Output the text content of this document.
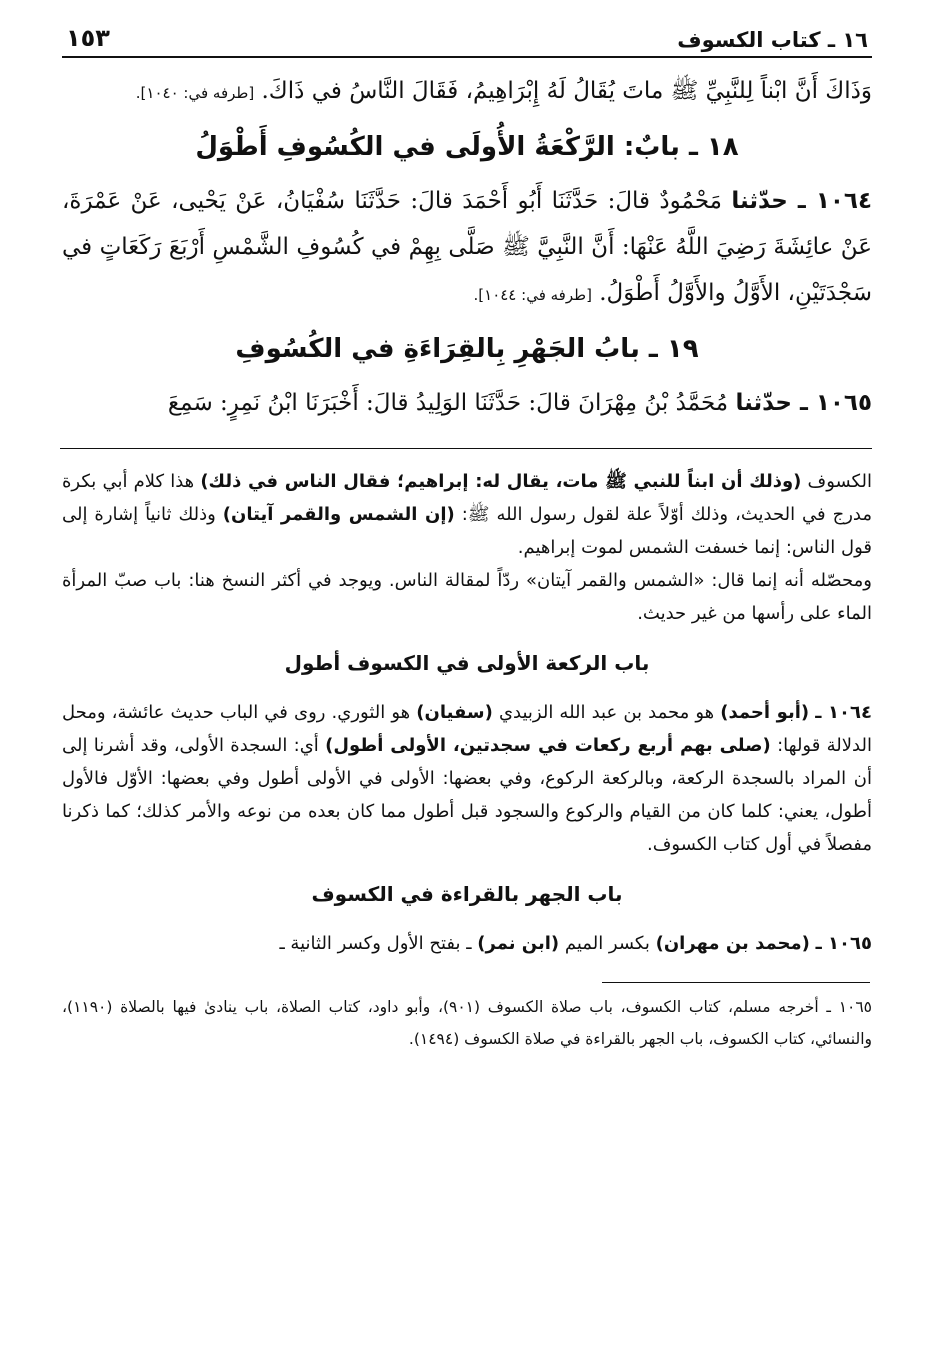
١٦ ـ كتاب الكسوف
١٥٣

وَذَاكَ أَنَّ ابْناً لِلنَّبِيِّ ﷺ ماتَ يُقَالُ لَهُ إِبْرَاهِيمُ، فَقَالَ النَّاسُ في ذَاكَ. [طرفه في: ١٠٤٠].

١٨ ـ بابٌ: الرَّكْعَةُ الأُولَى في الكُسُوفِ أَطْوَلُ

١٠٦٤ ـ حدّثنا مَحْمُودٌ قالَ: حَدَّثَنَا أَبُو أَحْمَدَ قالَ: حَدَّثَنَا سُفْيَانُ، عَنْ يَحْيى، عَنْ عَمْرَةَ، عَنْ عائِشَةَ رَضِيَ اللَّهُ عَنْهَا: أَنَّ النَّبِيَّ ﷺ صَلَّى بِهِمْ في كُسُوفِ الشَّمْسِ أَرْبَعَ رَكَعَاتٍ في سَجْدَتَيْنِ، الأَوَّلُ والأَوَّلُ أَطْوَلُ. [طرفه في: ١٠٤٤].

١٩ ـ بابُ الجَهْرِ بِالقِرَاءَةِ في الكُسُوفِ

١٠٦٥ ـ حدّثنا مُحَمَّدُ بْنُ مِهْرَانَ قالَ: حَدَّثَنَا الوَلِيدُ قالَ: أَخْبَرَنَا ابْنُ نَمِرٍ: سَمِعَ

الكسوف (وذلك أن ابناً للنبي ﷺ مات، يقال له: إبراهيم؛ فقال الناس في ذلك) هذا كلام أبي بكرة مدرج في الحديث، وذلك أوّلاً علة لقول رسول الله ﷺ: (إن الشمس والقمر آيتان) وذلك ثانياً إشارة إلى قول الناس: إنما خسفت الشمس لموت إبراهيم.

ومحصّله أنه إنما قال: «الشمس والقمر آيتان» ردّاً لمقالة الناس. ويوجد في أكثر النسخ هنا: باب صبّ المرأة الماء على رأسها من غير حديث.

باب الركعة الأولى في الكسوف أطول

١٠٦٤ ـ (أبو أحمد) هو محمد بن عبد الله الزبيدي (سفيان) هو الثوري. روى في الباب حديث عائشة، ومحل الدلالة قولها: (صلى بهم أربع ركعات في سجدتين، الأولى أطول) أي: السجدة الأولى، وقد أشرنا إلى أن المراد بالسجدة الركعة، وبالركعة الركوع، وفي بعضها: الأولى في الأولى أطول وفي بعضها: الأوّل فالأول أطول، يعني: كلما كان من القيام والركوع والسجود قبل أطول مما كان بعده من نوعه والأمر كذلك؛ كما ذكرنا مفصلاً في أول كتاب الكسوف.

باب الجهر بالقراءة في الكسوف

١٠٦٥ ـ (محمد بن مهران) بكسر الميم (ابن نمر) ـ بفتح الأول وكسر الثانية ـ

١٠٦٥ ـ أخرجه مسلم، كتاب الكسوف، باب صلاة الكسوف (٩٠١)، وأبو داود، كتاب الصلاة، باب ينادىٰ فيها بالصلاة (١١٩٠)، والنسائي، كتاب الكسوف، باب الجهر بالقراءة في صلاة الكسوف (١٤٩٤).
